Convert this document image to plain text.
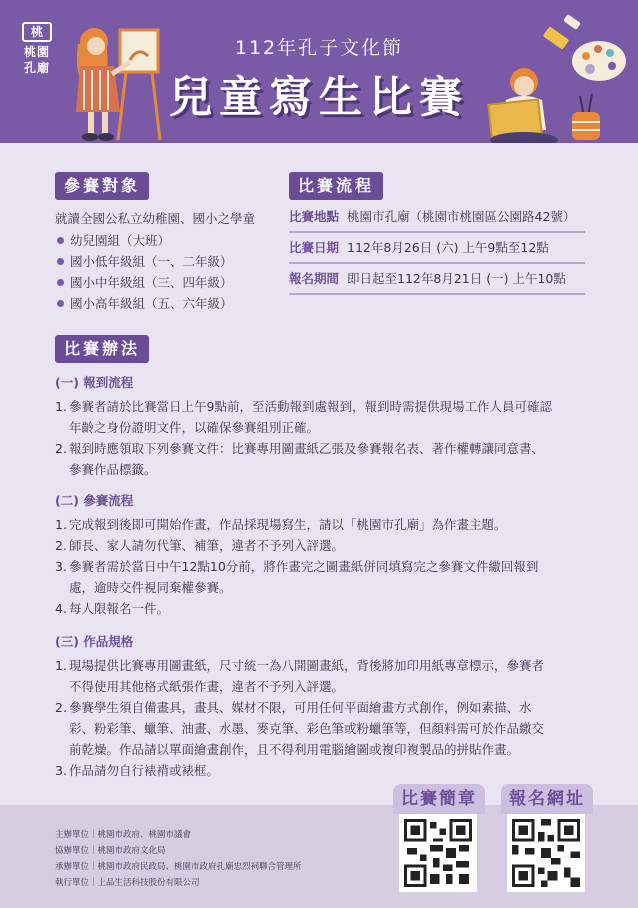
桃
桃園
孔廟
112年孔子文化節
兒童寫生比賽
參賽對象
就讀全國公私立幼稚園、國小之學童
幼兒園組（大班）
國小低年級組（一、二年級）
國小中年級組（三、四年級）
國小高年級組（五、六年級）
比賽流程
比賽地點 桃園市孔廟（桃園市桃園區公園路42號）
比賽日期 112年8月26日 (六) 上午9點至12點
報名期間 即日起至112年8月21日 (一) 上午10點
比賽辦法
(一) 報到流程
1. 參賽者請於比賽當日上午9點前，至活動報到處報到，報到時需提供現場工作人員可確認
年齡之身份證明文件，以確保參賽組別正確。
2. 報到時應領取下列參賽文件：比賽專用圖畫紙乙張及參賽報名表、著作權轉讓同意書、
參賽作品標籤。
(二) 參賽流程
1. 完成報到後即可開始作畫，作品採現場寫生，請以「桃園市孔廟」為作畫主題。
2. 師長、家人請勿代筆、補筆，違者不予列入評選。
3. 參賽者需於當日中午12點10分前，將作畫完之圖畫紙併同填寫完之參賽文件繳回報到
處，逾時交件視同棄權參賽。
4. 每人限報名一件。
(三) 作品規格
1. 現場提供比賽專用圖畫紙，尺寸統一為八開圖畫紙，背後將加印用紙專章標示，參賽者
不得使用其他格式紙張作畫，違者不予列入評選。
2. 參賽學生須自備畫具，畫具、媒材不限，可用任何平面繪畫方式創作，例如素描、水
彩、粉彩筆、蠟筆、油畫、水墨、麥克筆、彩色筆或粉蠟筆等，但顏料需可於作品繳交
前乾燥。作品請以單面繪畫創作，且不得利用電腦繪圖或複印複製品的拼貼作畫。
3. 作品請勿自行裱褙或裱框。
主辦單位｜桃園市政府、桃園市議會
協辦單位｜桃園市政府文化局
承辦單位｜桃園市政府民政局、桃園市政府孔廟忠烈祠聯合管理所
執行單位｜上品生活科技股份有限公司
比賽簡章	報名網址
